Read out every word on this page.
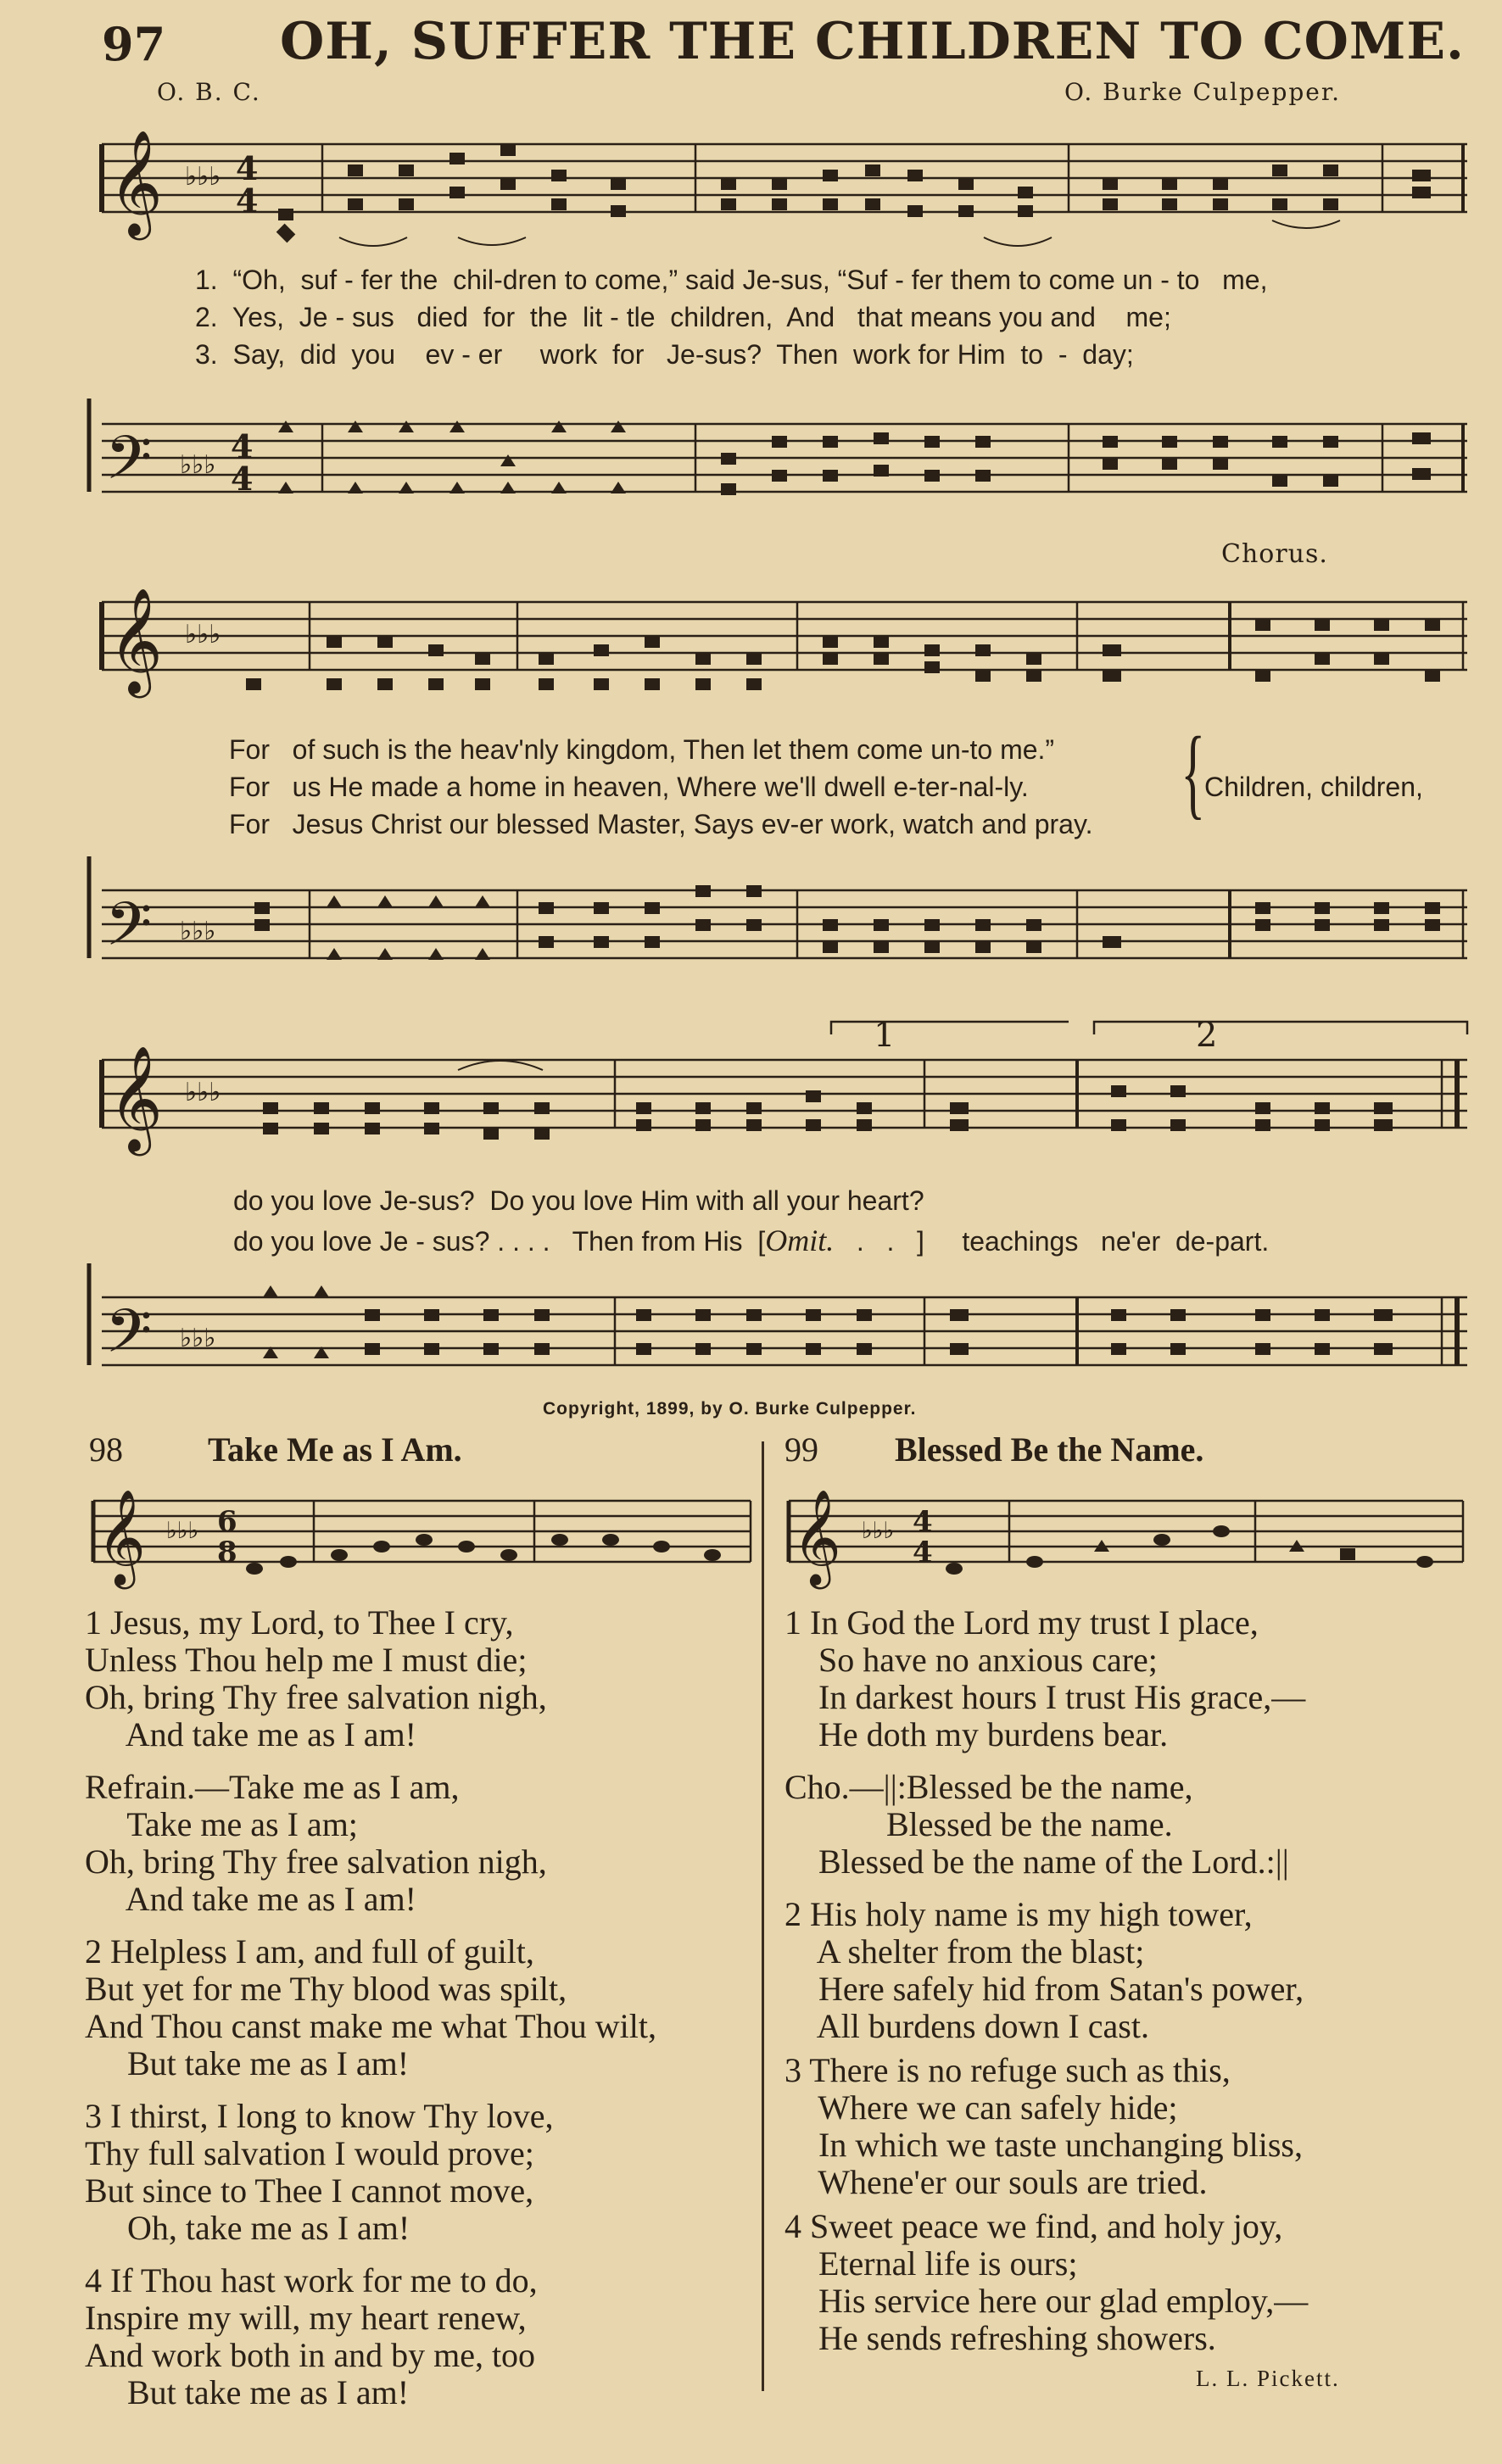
97 OH, SUFFER THE CHILDREN TO COME.
O. B. C.	O. Burke Culpepper.
𝄞 ♭♭♭ 4
4
1.  “Oh,  suf - fer the  chil-dren to come,” said Je-sus, “Suf - fer them to come un - to   me,
2.  Yes,  Je - sus   died  for  the  lit - tle  children,  And   that means you and    me;
3.  Say,  did  you    ev - er     work  for   Je-sus?  Then  work for Him  to  -  day;
𝄢 ♭♭♭ 4
4
Chorus.
𝄞 ♭♭♭
For   of such is the heav'nly kingdom, Then let them come un-to me.”
For   us He made a home in heaven, Where we'll dwell e-ter-nal-ly.
For   Jesus Christ our blessed Master, Says ev-er work, watch and pray. {
Children, children,
𝄢 ♭♭♭
𝄞 ♭♭♭
1	2
do you love Je-sus?  Do you love Him with all your heart?
do you love Je - sus? . . . .   Then from His  [Omit.   .   .   ]     teachings   ne'er  de-part.
𝄢 ♭♭♭
Copyright, 1899, by O. Burke Culpepper.
98	Take Me as I Am.
𝄞 ♭♭♭ 6
8
1 Jesus, my Lord, to Thee I cry,
Unless Thou help me I must die;
Oh, bring Thy free salvation nigh,
And take me as I am!
Refrain.—Take me as I am,
Take me as I am;
Oh, bring Thy free salvation nigh,
And take me as I am!
2 Helpless I am, and full of guilt,
But yet for me Thy blood was spilt,
And Thou canst make me what Thou wilt,
But take me as I am!
3 I thirst, I long to know Thy love,
Thy full salvation I would prove;
But since to Thee I cannot move,
Oh, take me as I am!
4 If Thou hast work for me to do,
Inspire my will, my heart renew,
And work both in and by me, too
But take me as I am!
99 Blessed Be the Name.
𝄞 ♭♭♭ 4
4
1 In God the Lord my trust I place,
So have no anxious care;
In darkest hours I trust His grace,—
He doth my burdens bear.
Cho.—||:Blessed be the name,
Blessed be the name.
Blessed be the name of the Lord.:||
2 His holy name is my high tower,
A shelter from the blast;
Here safely hid from Satan's power,
All burdens down I cast.
3 There is no refuge such as this,
Where we can safely hide;
In which we taste unchanging bliss,
Whene'er our souls are tried.
4 Sweet peace we find, and holy joy,
Eternal life is ours;
His service here our glad employ,—
He sends refreshing showers.
L. L. Pickett.
